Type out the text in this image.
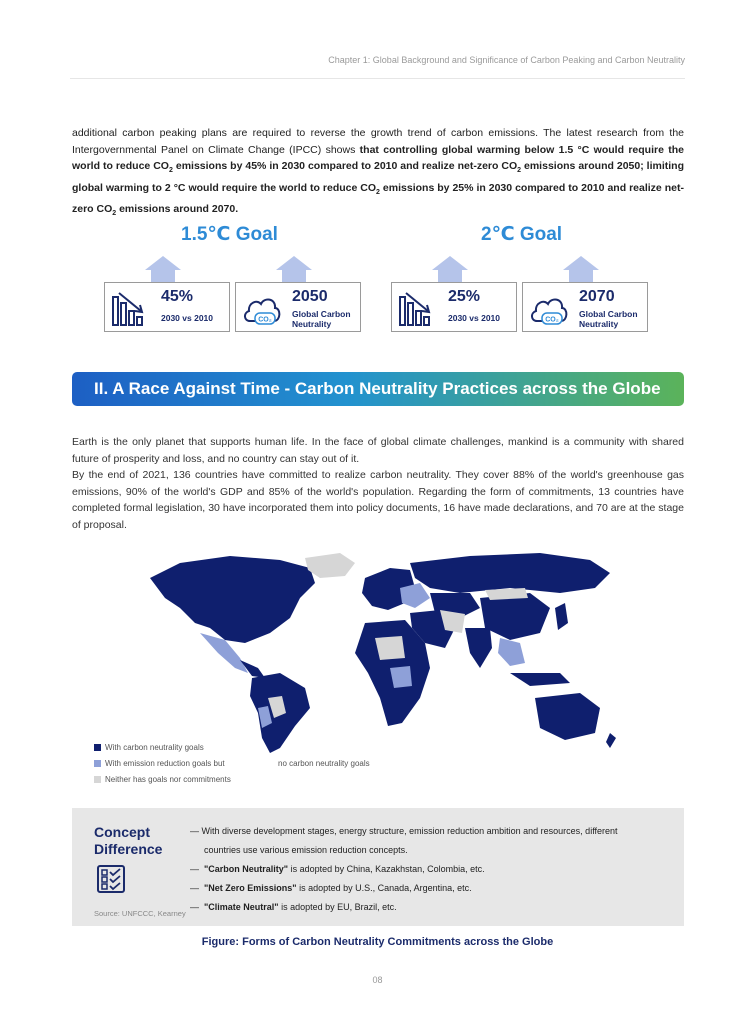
Chapter 1: Global Background and Significance of Carbon Peaking and Carbon Neutrality
additional carbon peaking plans are required to reverse the growth trend of carbon emissions. The latest research from the Intergovernmental Panel on Climate Change (IPCC) shows that controlling global warming below 1.5 °C would require the world to reduce $CO_2$ emissions by 45% in 2030 compared to 2010 and realize net-zero $CO_2$ emissions around 2050; limiting global warming to 2 °C would require the world to reduce $CO_2$ emissions by 25% in 2030 compared to 2010 and realize net-zero $CO_2$ emissions around 2070.
1.5℃ Goal	2℃ Goal
45%
2030 vs 2010	CO₂
2050
Global Carbon Neutrality
25%
2030 vs 2010	CO₂
2070
Global Carbon Neutrality
II. A Race Against Time - Carbon Neutrality Practices across the Globe

Earth is the only planet that supports human life. In the face of global climate challenges, mankind is a community with shared future of prosperity and loss, and no country can stay out of it.

By the end of 2021, 136 countries have committed to realize carbon neutrality. They cover 88% of the world's greenhouse gas emissions, 90% of the world's GDP and 85% of the world's population. Regarding the form of commitments, 13 countries have completed formal legislation, 30 have incorporated them into policy documents, 16 have made declarations, and 70 are at the stage of proposal.

With carbon neutrality goals
With emission reduction goals but	no carbon neutrality goals
Neither has goals nor commitments
Concept
Difference
— With diverse development stages, energy structure, emission reduction ambition and resources, different
countries use various emission reduction concepts.
— "Carbon Neutrality" is adopted by China, Kazakhstan, Colombia, etc.
— "Net Zero Emissions" is adopted by U.S., Canada, Argentina, etc.
— "Climate Neutral" is adopted by EU, Brazil, etc.
Source: UNFCCC, Kearney
Figure: Forms of Carbon Neutrality Commitments across the Globe
08
